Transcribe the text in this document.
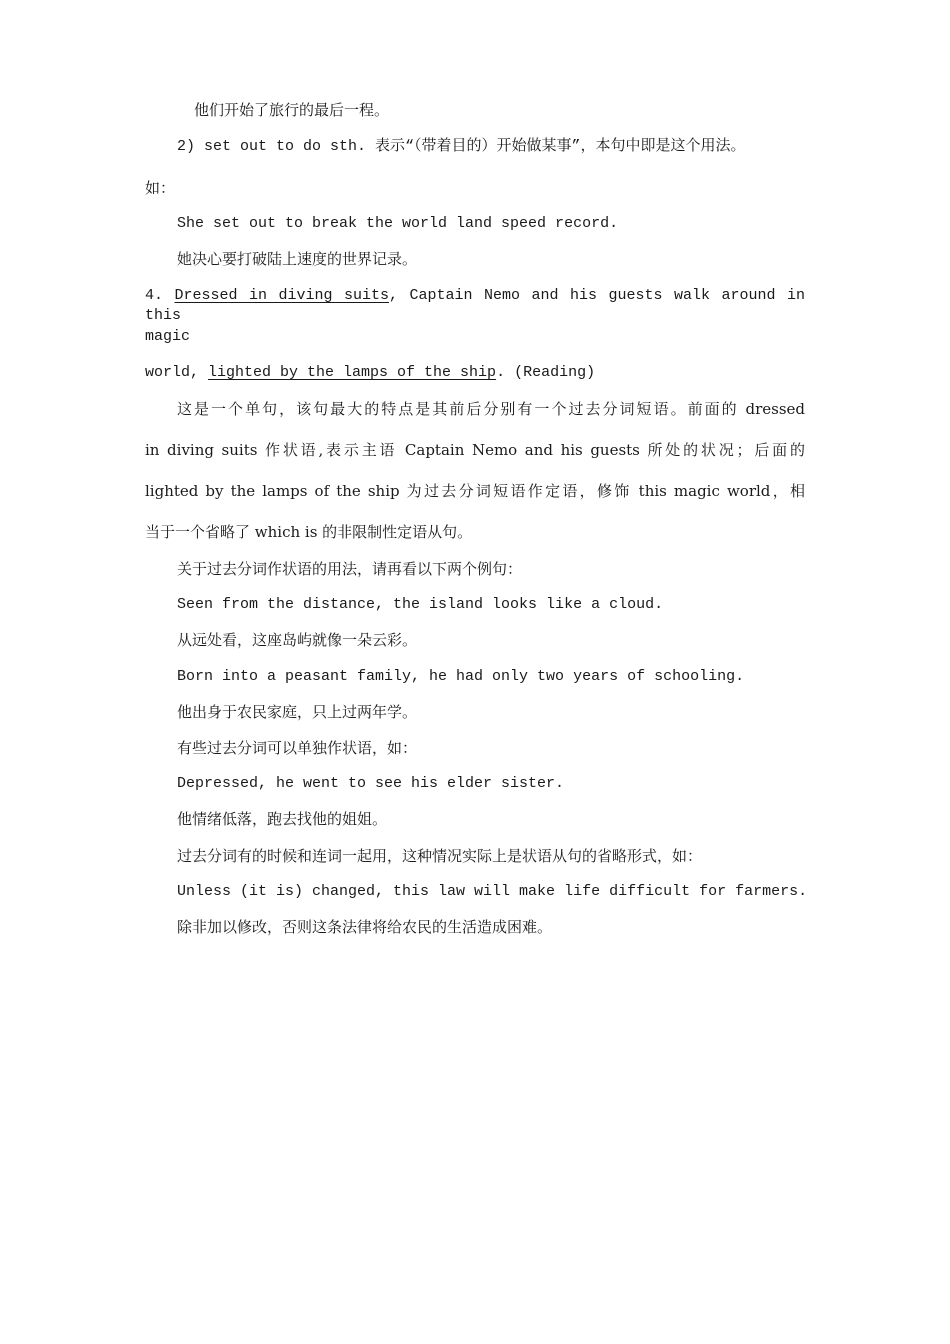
他们开始了旅行的最后一程。
2) set out to do sth. 表示“（带着目的）开始做某事”，本句中即是这个用法。
如：
She set out to break the world land speed record.
她决心要打破陆上速度的世界记录。
4. Dressed in diving suits, Captain Nemo and his guests walk around in this
magic
world, lighted by the lamps of the ship. (Reading)
这是一个单句，该句最大的特点是其前后分别有一个过去分词短语。前面的 dressed
in diving suits 作状语,表示主语 Captain Nemo and his guests 所处的状况；后面的
lighted by the lamps of the ship 为过去分词短语作定语，修饰 this magic world，相
当于一个省略了 which is 的非限制性定语从句。
关于过去分词作状语的用法，请再看以下两个例句：
Seen from the distance, the island looks like a cloud.
从远处看，这座岛屿就像一朵云彩。
Born into a peasant family, he had only two years of schooling.
他出身于农民家庭，只上过两年学。
有些过去分词可以单独作状语，如：
Depressed, he went to see his elder sister.
他情绪低落，跑去找他的姐姐。
过去分词有的时候和连词一起用，这种情况实际上是状语从句的省略形式，如：
Unless (it is) changed, this law will make life difficult for farmers.
除非加以修改，否则这条法律将给农民的生活造成困难。
